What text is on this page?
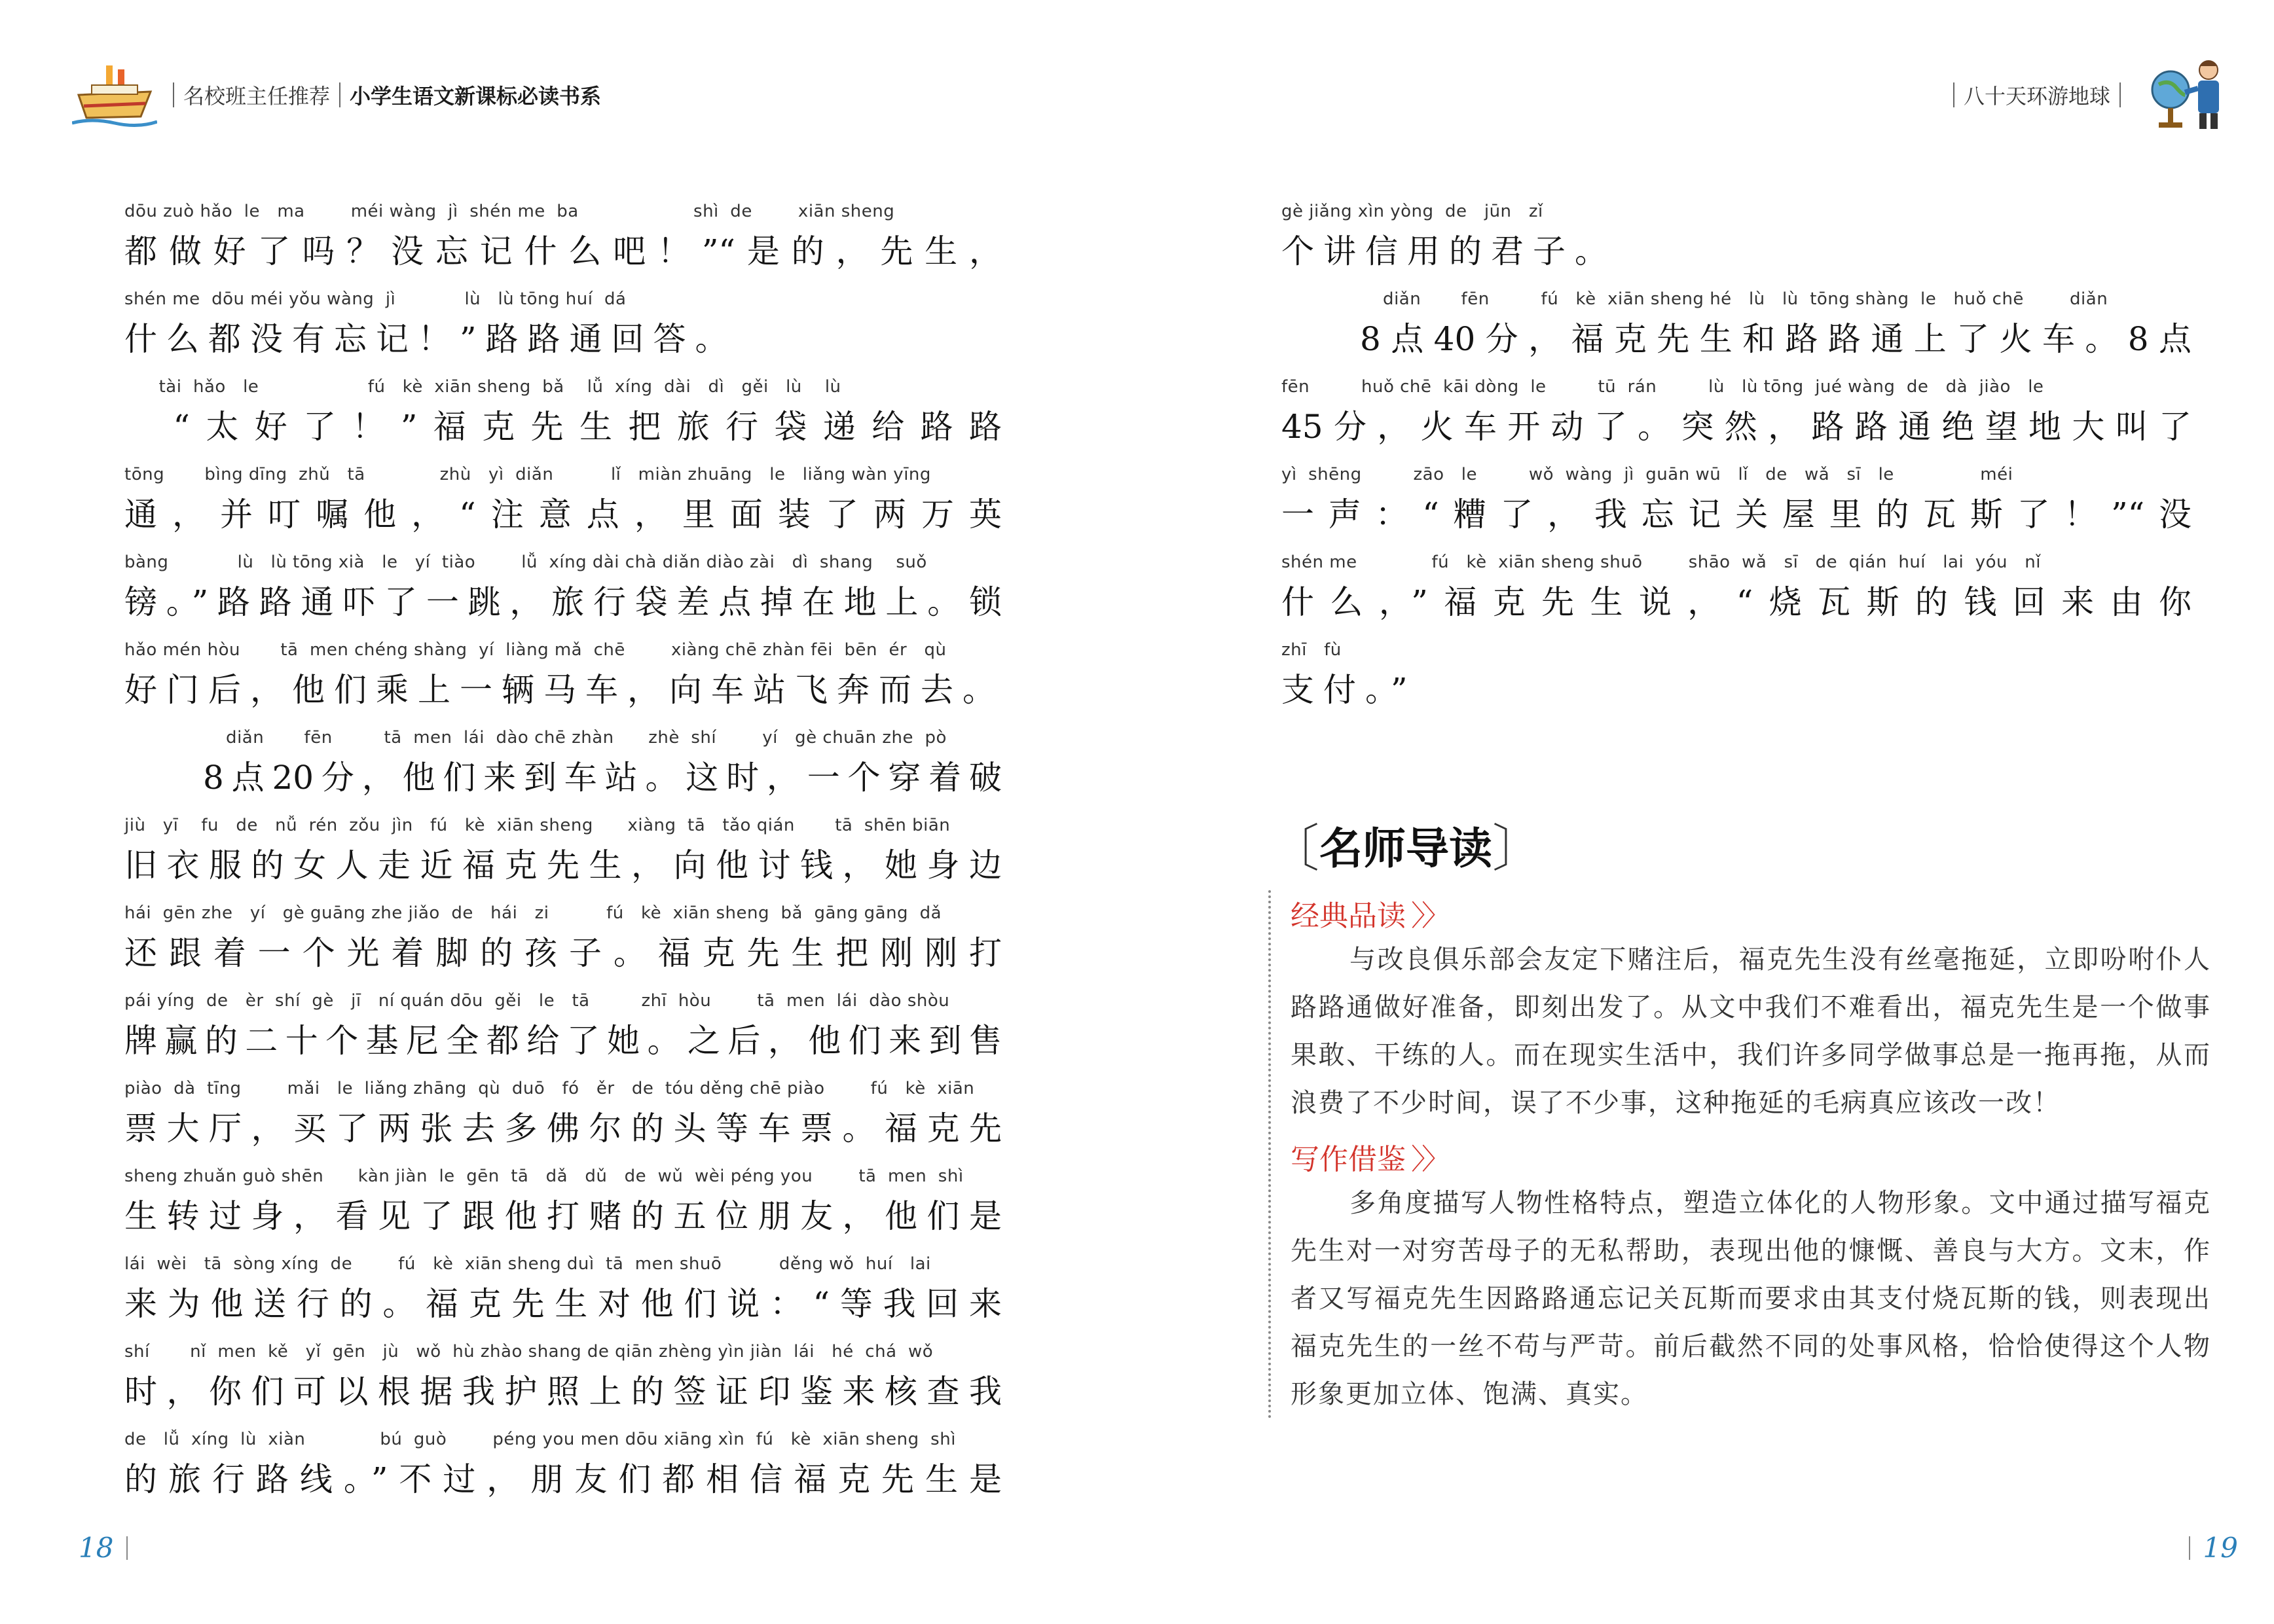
名校班主任推荐 小学生语文新课标必读书系
dōu zuò hǎo  le   ma        méi wàng  jì  shén me  ba                    shì  de        xiān sheng
都做好了吗？没忘记什么吧！”“是的，先生，
shén me  dōu méi yǒu wàng  jì            lù   lù tōng huí  dá
什么都没有忘记！”路路通回答。
tài  hǎo   le                   fú   kè  xiān sheng  bǎ    lǚ  xíng  dài   dì   gěi   lù    lù
　“太好了！”福克先生把旅行袋递给路路
tōng       bìng dīng  zhǔ   tā             zhù   yì  diǎn          lǐ   miàn zhuāng   le   liǎng wàn yīng
通，并叮嘱他，“注意点，里面装了两万英
bàng            lù   lù tōng xià   le   yí  tiào        lǚ  xíng dài chà diǎn diào zài   dì  shang    suǒ
镑。”路路通吓了一跳，旅行袋差点掉在地上。锁
hǎo mén hòu       tā  men chéng shàng  yí  liàng mǎ  chē        xiàng chē zhàn fēi  bēn  ér   qù
好门后，他们乘上一辆马车，向车站飞奔而去。
diǎn       fēn         tā  men  lái  dào chē zhàn      zhè  shí        yí   gè chuān zhe  pò
8点20分，他们来到车站。这时，一个穿着破
jiù   yī    fu   de   nǚ  rén  zǒu  jìn   fú   kè  xiān sheng      xiàng  tā   tǎo qián       tā  shēn biān
旧衣服的女人走近福克先生，向他讨钱，她身边
hái  gēn zhe   yí   gè guāng zhe jiǎo  de   hái   zi          fú   kè  xiān sheng  bǎ  gāng gāng  dǎ
还跟着一个光着脚的孩子。福克先生把刚刚打
pái yíng  de   èr  shí  gè   jī   ní quán dōu  gěi   le   tā         zhī  hòu        tā  men  lái  dào shòu
牌赢的二十个基尼全都给了她。之后，他们来到售
piào  dà  tīng        mǎi   le  liǎng zhāng  qù  duō   fó   ěr   de  tóu děng chē piào        fú   kè  xiān
票大厅，买了两张去多佛尔的头等车票。福克先
sheng zhuǎn guò shēn      kàn jiàn  le  gēn  tā   dǎ   dǔ   de  wǔ  wèi péng you        tā  men  shì
生转过身，看见了跟他打赌的五位朋友，他们是
lái  wèi   tā  sòng xíng  de        fú   kè  xiān sheng duì  tā  men shuō          děng wǒ  huí   lai
来为他送行的。福克先生对他们说：“等我回来
shí       nǐ  men  kě   yǐ  gēn   jù   wǒ  hù zhào shang de qiān zhèng yìn jiàn  lái   hé  chá  wǒ
时，你们可以根据我护照上的签证印鉴来核查我
de   lǚ  xíng  lù  xiàn             bú  guò        péng you men dōu xiāng xìn  fú   kè  xiān sheng  shì
的旅行路线。”不过，朋友们都相信福克先生是
18
八十天环游地球
gè jiǎng xìn yòng  de   jūn   zǐ
个讲信用的君子。
diǎn       fēn         fú   kè  xiān sheng hé   lù   lù  tōng shàng  le   huǒ chē        diǎn
8点40分，福克先生和路路通上了火车。8点
fēn         huǒ chē  kāi dòng  le         tū  rán         lù   lù tōng  jué wàng  de   dà  jiào   le
45分，火车开动了。突然，路路通绝望地大叫了
yì  shēng         zāo   le         wǒ  wàng  jì  guān wū   lǐ   de   wǎ   sī   le               méi
一声：“糟了，我忘记关屋里的瓦斯了！”“没
shén me             fú   kè  xiān sheng shuō        shāo  wǎ   sī   de  qián  huí   lai  yóu   nǐ
什么，”福克先生说，“烧瓦斯的钱回来由你
zhī   fù
支付。”
〔 名师导读 〕
经典品读 〉〉

与改良俱乐部会友定下赌注后，福克先生没有丝毫拖延，立即吩咐仆人路路通做好准备，即刻出发了。从文中我们不难看出，福克先生是一个做事果敢、干练的人。而在现实生活中，我们许多同学做事总是一拖再拖，从而浪费了不少时间，误了不少事，这种拖延的毛病真应该改一改！

写作借鉴 〉〉

多角度描写人物性格特点，塑造立体化的人物形象。文中通过描写福克先生对一对穷苦母子的无私帮助，表现出他的慷慨、善良与大方。文末，作者又写福克先生因路路通忘记关瓦斯而要求由其支付烧瓦斯的钱，则表现出福克先生的一丝不苟与严苛。前后截然不同的处事风格，恰恰使得这个人物形象更加立体、饱满、真实。

19
